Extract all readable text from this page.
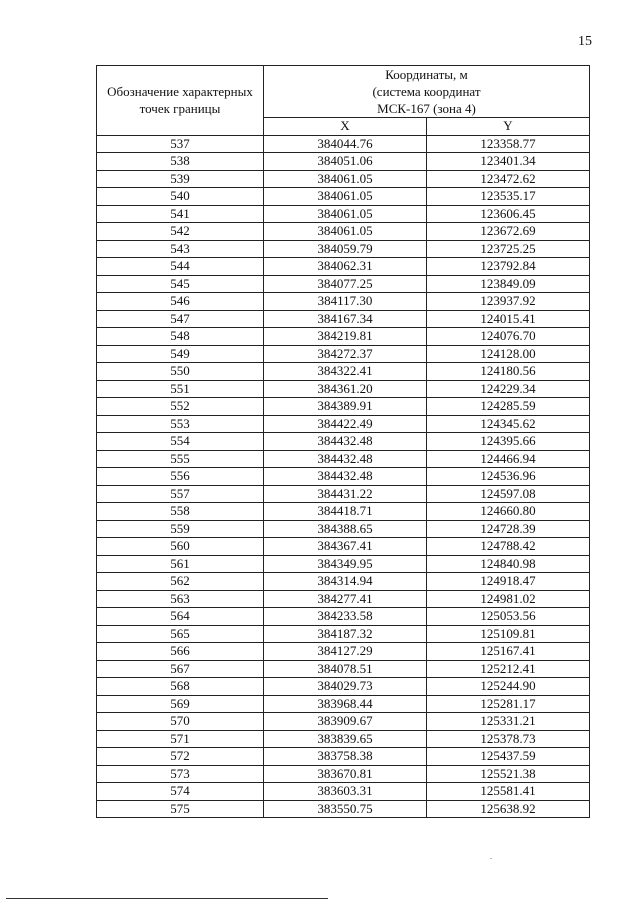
15
Обозначение характерных точек границы	Координаты, м
(система координат
МСК-167 (зона 4)	

	X	Y
537	384044.76	123358.77
538	384051.06	123401.34
539	384061.05	123472.62
540	384061.05	123535.17
541	384061.05	123606.45
542	384061.05	123672.69
543	384059.79	123725.25
544	384062.31	123792.84
545	384077.25	123849.09
546	384117.30	123937.92
547	384167.34	124015.41
548	384219.81	124076.70
549	384272.37	124128.00
550	384322.41	124180.56
551	384361.20	124229.34
552	384389.91	124285.59
553	384422.49	124345.62
554	384432.48	124395.66
555	384432.48	124466.94
556	384432.48	124536.96
557	384431.22	124597.08
558	384418.71	124660.80
559	384388.65	124728.39
560	384367.41	124788.42
561	384349.95	124840.98
562	384314.94	124918.47
563	384277.41	124981.02
564	384233.58	125053.56
565	384187.32	125109.81
566	384127.29	125167.41
567	384078.51	125212.41
568	384029.73	125244.90
569	383968.44	125281.17
570	383909.67	125331.21
571	383839.65	125378.73
572	383758.38	125437.59
573	383670.81	125521.38
574	383603.31	125581.41
575	383550.75	125638.92
